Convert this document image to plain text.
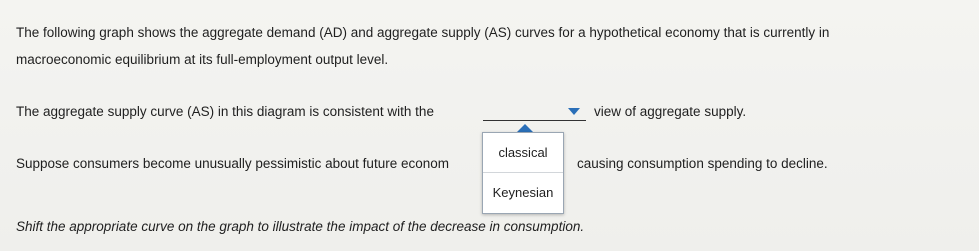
The following graph shows the aggregate demand (AD) and aggregate supply (AS) curves for a hypothetical economy that is currently in
macroeconomic equilibrium at its full-employment output level.
The aggregate supply curve (AS) in this diagram is consistent with the	view of aggregate supply.
Suppose consumers become unusually pessimistic about future econom	causing consumption spending to decline.
classical
Keynesian
Shift the appropriate curve on the graph to illustrate the impact of the decrease in consumption.
